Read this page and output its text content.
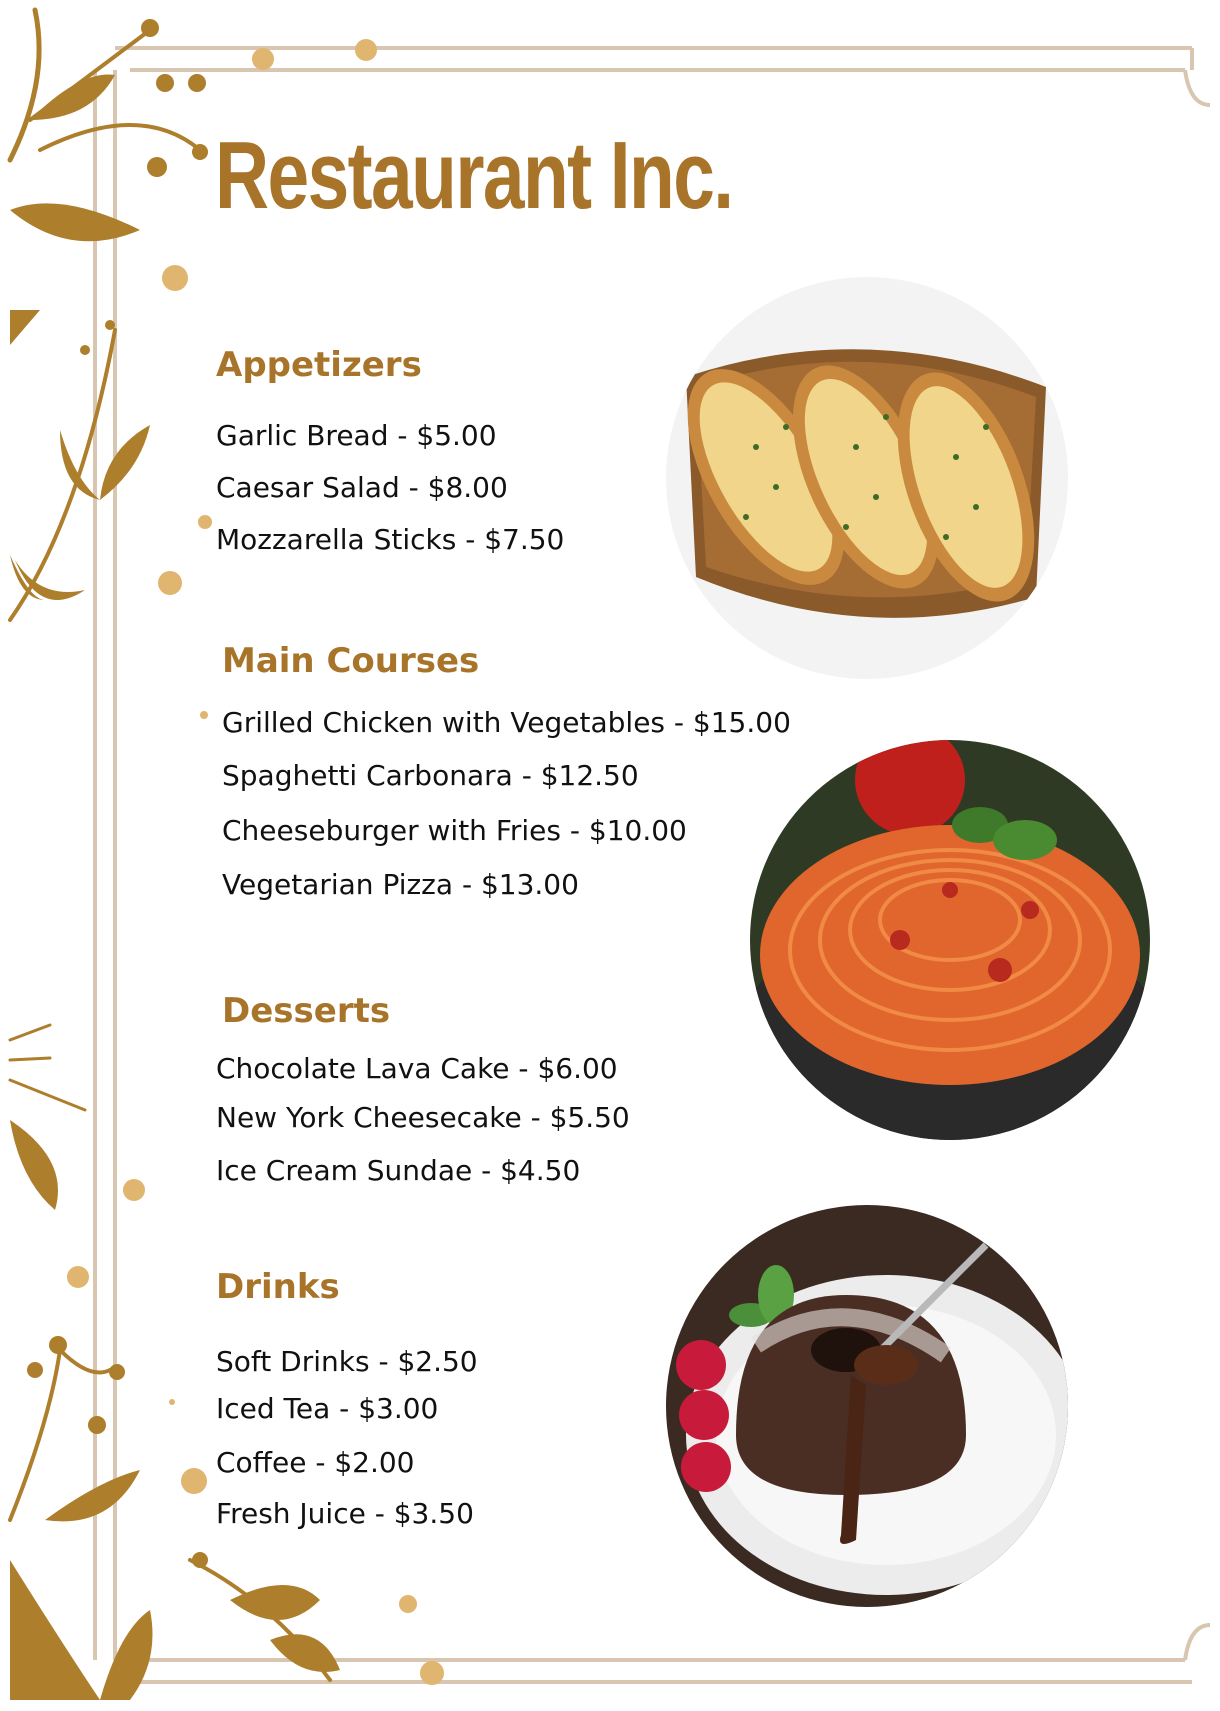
Restaurant Inc.
Appetizers

Garlic Bread - $5.00

Caesar Salad - $8.00

Mozzarella Sticks - $7.50

Main Courses

Grilled Chicken with Vegetables - $15.00

Spaghetti Carbonara - $12.50

Cheeseburger with Fries - $10.00

Vegetarian Pizza - $13.00

Desserts

Chocolate Lava Cake - $6.00

New York Cheesecake - $5.50

Ice Cream Sundae - $4.50

Drinks

Soft Drinks - $2.50

Iced Tea - $3.00

Coffee - $2.00

Fresh Juice - $3.50
